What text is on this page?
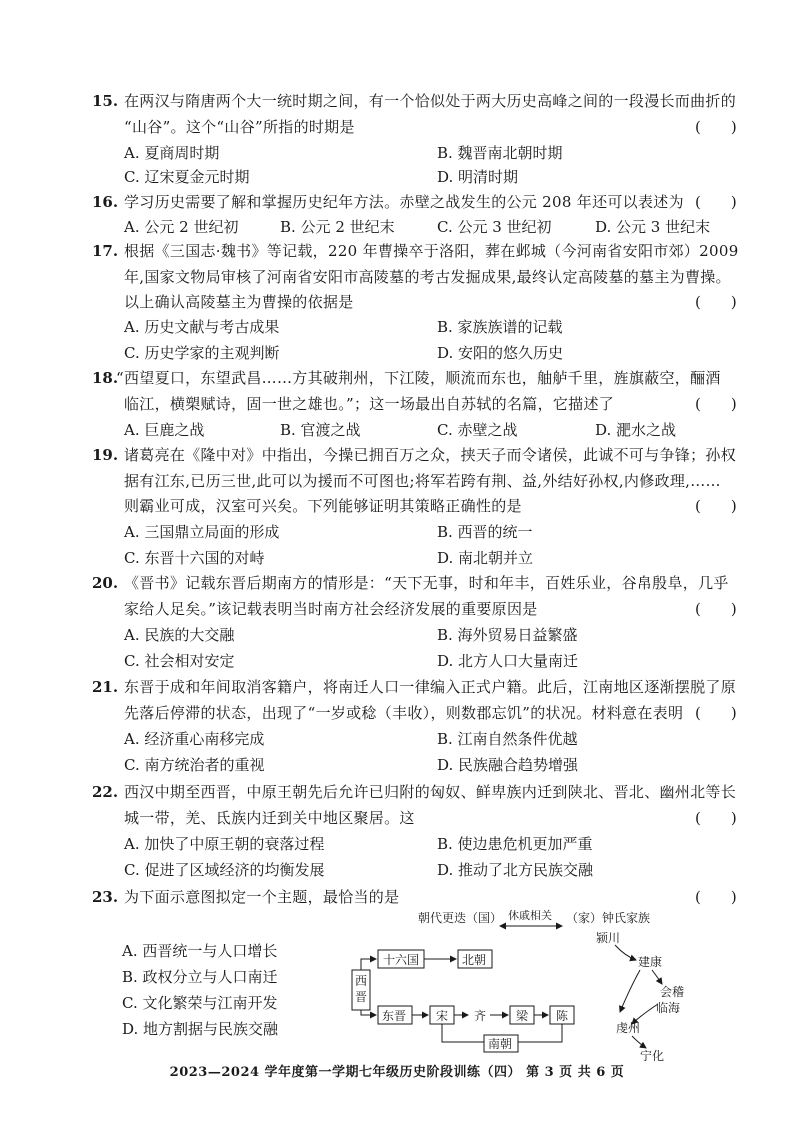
15. 在两汉与隋唐两个大一统时期之间，有一个恰似处于两大历史高峰之间的一段漫长而曲折的
“山谷”。这个“山谷”所指的时期是	(　　)
A. 夏商周时期	B. 魏晋南北朝时期
C. 辽宋夏金元时期	D. 明清时期
16. 学习历史需要了解和掌握历史纪年方法。赤壁之战发生的公元 208 年还可以表述为 (　　)
A. 公元 2 世纪初	B. 公元 2 世纪末	C. 公元 3 世纪初	D. 公元 3 世纪末
17. 根据《三国志·魏书》等记载，220 年曹操卒于洛阳，葬在邺城（今河南省安阳市郊）2009
年,国家文物局审核了河南省安阳市高陵墓的考古发掘成果,最终认定高陵墓的墓主为曹操。
以上确认高陵墓主为曹操的依据是	(　　)
A. 历史文献与考古成果	B. 家族族谱的记载
C. 历史学家的主观判断	D. 安阳的悠久历史
18.
“西望夏口，东望武昌……方其破荆州，下江陵，顺流而东也，舳舻千里，旌旗蔽空，酾酒
临江，横槊赋诗，固一世之雄也。”；这一场最出自苏轼的名篇，它描述了	(　　)
A. 巨鹿之战	B. 官渡之战	C. 赤壁之战	D. 淝水之战
19. 诸葛亮在《隆中对》中指出，今操已拥百万之众，挟天子而令诸侯，此诚不可与争锋；孙权
据有江东,已历三世,此可以为援而不可图也;将军若跨有荆、益,外结好孙权,内修政理,……
则霸业可成，汉室可兴矣。下列能够证明其策略正确性的是	(　　)
A. 三国鼎立局面的形成	B. 西晋的统一
C. 东晋十六国的对峙	D. 南北朝并立
20. 《晋书》记载东晋后期南方的情形是：“天下无事，时和年丰，百姓乐业，谷帛殷阜，几乎
家给人足矣。”该记载表明当时南方社会经济发展的重要原因是	(　　)
A. 民族的大交融	B. 海外贸易日益繁盛
C. 社会相对安定	D. 北方人口大量南迁
21. 东晋于成和年间取消客籍户，将南迁人口一律编入正式户籍。此后，江南地区逐渐摆脱了原
先落后停滞的状态，出现了“一岁或稔（丰收），则数郡忘饥”的状况。材料意在表明 (　　)
A. 经济重心南移完成	B. 江南自然条件优越
C. 南方统治者的重视	D. 民族融合趋势增强
22. 西汉中期至西晋，中原王朝先后允许已归附的匈奴、鲜卑族内迁到陕北、晋北、幽州北等长
城一带，羌、氐族内迁到关中地区聚居。这	(　　)
A. 加快了中原王朝的衰落过程	B. 使边患危机更加严重
C. 促进了区域经济的均衡发展	D. 推动了北方民族交融
23. 为下面示意图拟定一个主题，最恰当的是	(　　)
A. 西晋统一与人口增长
B. 政权分立与人口南迁
C. 文化繁荣与江南开发
D. 地方割据与民族交融
朝代更迭（国） 休戚相关 （家）钟氏家族
西晋
十六国	北朝
东晋 宋 齐 梁 陈
南朝
颍川
建康
会稽
临海
虔州
宁化
2023—2024 学年度第一学期七年级历史阶段训练（四） 第 3 页 共 6 页
